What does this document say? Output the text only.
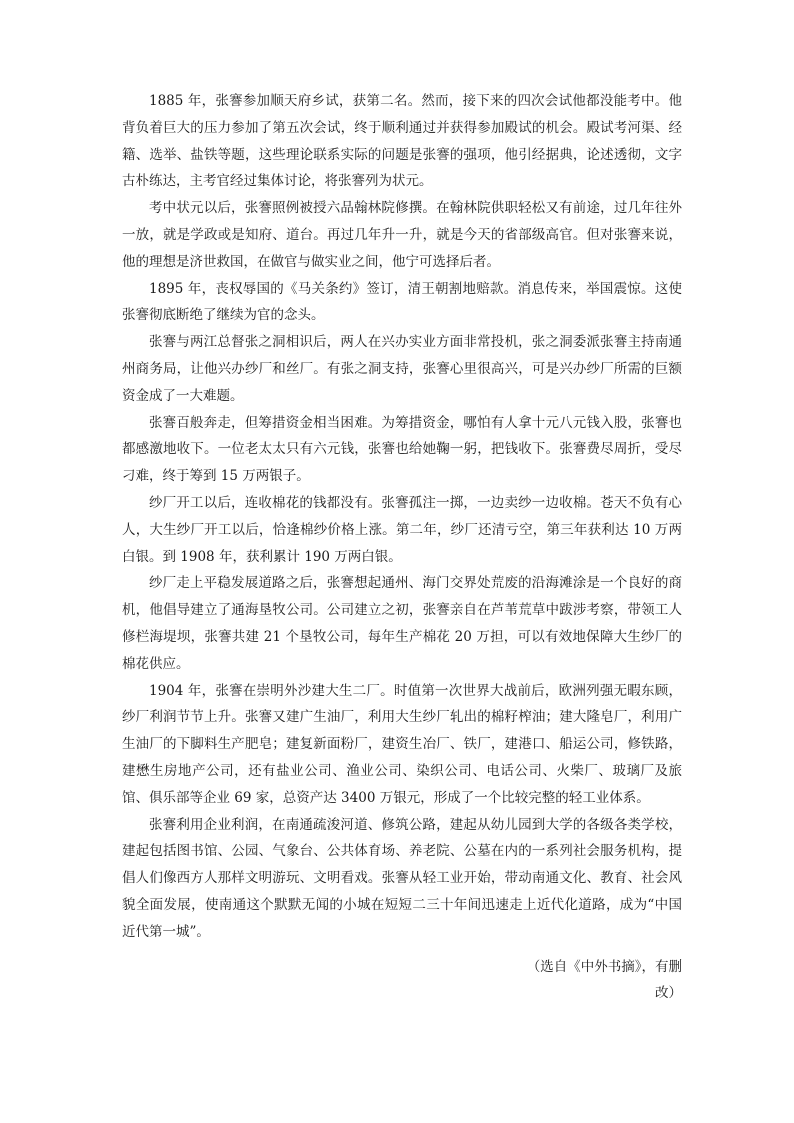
1885 年，张謇参加顺天府乡试，获第二名。然而，接下来的四次会试他都没能考中。他背负着巨大的压力参加了第五次会试，终于顺利通过并获得参加殿试的机会。殿试考河渠、经籍、选举、盐铁等题，这些理论联系实际的问题是张謇的强项，他引经据典，论述透彻，文字古朴练达，主考官经过集体讨论，将张謇列为状元。

考中状元以后，张謇照例被授六品翰林院修撰。在翰林院供职轻松又有前途，过几年往外一放，就是学政或是知府、道台。再过几年升一升，就是今天的省部级高官。但对张謇来说，他的理想是济世救国，在做官与做实业之间，他宁可选择后者。

1895 年，丧权辱国的《马关条约》签订，清王朝割地赔款。消息传来，举国震惊。这使张謇彻底断绝了继续为官的念头。

张謇与两江总督张之洞相识后，两人在兴办实业方面非常投机，张之洞委派张謇主持南通州商务局，让他兴办纱厂和丝厂。有张之洞支持，张謇心里很高兴，可是兴办纱厂所需的巨额资金成了一大难题。

张謇百般奔走，但筹措资金相当困难。为筹措资金，哪怕有人拿十元八元钱入股，张謇也都感激地收下。一位老太太只有六元钱，张謇也给她鞠一躬，把钱收下。张謇费尽周折，受尽刁难，终于筹到 15 万两银子。

纱厂开工以后，连收棉花的钱都没有。张謇孤注一掷，一边卖纱一边收棉。苍天不负有心人，大生纱厂开工以后，恰逢棉纱价格上涨。第二年，纱厂还清亏空，第三年获利达 10 万两白银。到 1908 年，获利累计 190 万两白银。

纱厂走上平稳发展道路之后，张謇想起通州、海门交界处荒废的沿海滩涂是一个良好的商机，他倡导建立了通海垦牧公司。公司建立之初，张謇亲自在芦苇荒草中跋涉考察，带领工人修栏海堤坝，张謇共建 21 个垦牧公司，每年生产棉花 20 万担，可以有效地保障大生纱厂的棉花供应。

1904 年，张謇在崇明外沙建大生二厂。时值第一次世界大战前后，欧洲列强无暇东顾，纱厂利润节节上升。张謇又建广生油厂，利用大生纱厂轧出的棉籽榨油；建大隆皂厂，利用广生油厂的下脚料生产肥皂；建复新面粉厂，建资生冶厂、铁厂，建港口、船运公司，修铁路，建懋生房地产公司，还有盐业公司、渔业公司、染织公司、电话公司、火柴厂、玻璃厂及旅馆、俱乐部等企业 69 家，总资产达 3400 万银元，形成了一个比较完整的轻工业体系。

张謇利用企业利润，在南通疏浚河道、修筑公路，建起从幼儿园到大学的各级各类学校，建起包括图书馆、公园、气象台、公共体育场、养老院、公墓在内的一系列社会服务机构，提倡人们像西方人那样文明游玩、文明看戏。张謇从轻工业开始，带动南通文化、教育、社会风貌全面发展，使南通这个默默无闻的小城在短短二三十年间迅速走上近代化道路，成为“中国近代第一城”。

（选自《中外书摘》，有删改）
